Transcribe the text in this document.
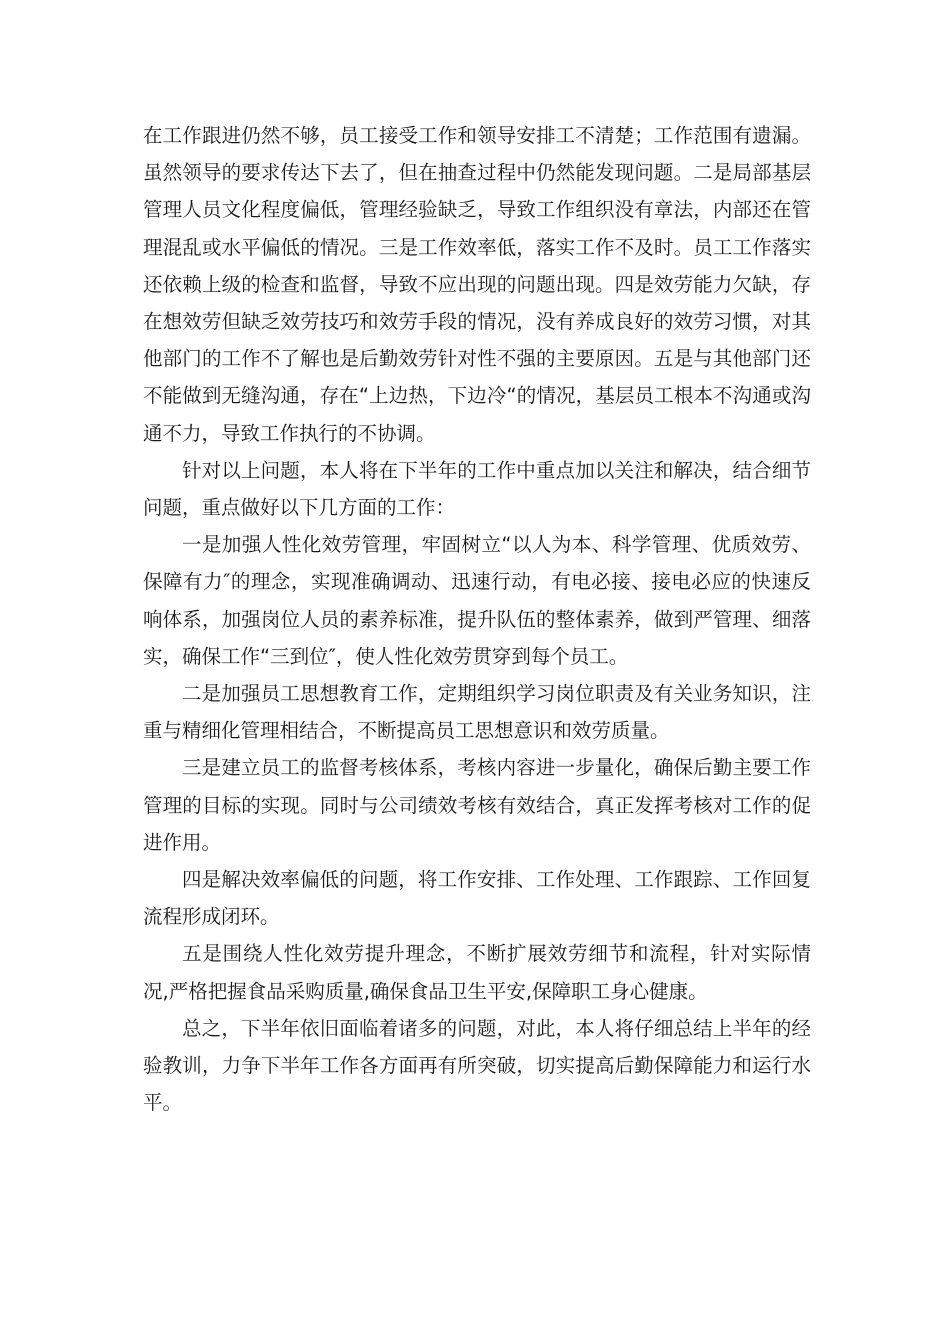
在工作跟进仍然不够，员工接受工作和领导安排工不清楚；工作范围有遗漏。虽然领导的要求传达下去了，但在抽查过程中仍然能发现问题。二是局部基层管理人员文化程度偏低，管理经验缺乏，导致工作组织没有章法，内部还在管理混乱或水平偏低的情况。三是工作效率低，落实工作不及时。员工工作落实还依赖上级的检查和监督，导致不应出现的问题出现。四是效劳能力欠缺，存在想效劳但缺乏效劳技巧和效劳手段的情况，没有养成良好的效劳习惯，对其他部门的工作不了解也是后勤效劳针对性不强的主要原因。五是与其他部门还不能做到无缝沟通，存在“上边热，下边冷“的情况，基层员工根本不沟通或沟通不力，导致工作执行的不协调。

针对以上问题，本人将在下半年的工作中重点加以关注和解决，结合细节问题，重点做好以下几方面的工作：

一是加强人性化效劳管理，牢固树立“以人为本、科学管理、优质效劳、保障有力″的理念，实现准确调动、迅速行动，有电必接、接电必应的快速反响体系，加强岗位人员的素养标准，提升队伍的整体素养，做到严管理、细落实，确保工作“三到位″，使人性化效劳贯穿到每个员工。

二是加强员工思想教育工作，定期组织学习岗位职责及有关业务知识，注重与精细化管理相结合，不断提高员工思想意识和效劳质量。

三是建立员工的监督考核体系，考核内容进一步量化，确保后勤主要工作管理的目标的实现。同时与公司绩效考核有效结合，真正发挥考核对工作的促进作用。

四是解决效率偏低的问题，将工作安排、工作处理、工作跟踪、工作回复流程形成闭环。

五是围绕人性化效劳提升理念，不断扩展效劳细节和流程，针对实际情况,严格把握食品采购质量,确保食品卫生平安,保障职工身心健康。

总之，下半年依旧面临着诸多的问题，对此，本人将仔细总结上半年的经验教训，力争下半年工作各方面再有所突破，切实提高后勤保障能力和运行水平。
